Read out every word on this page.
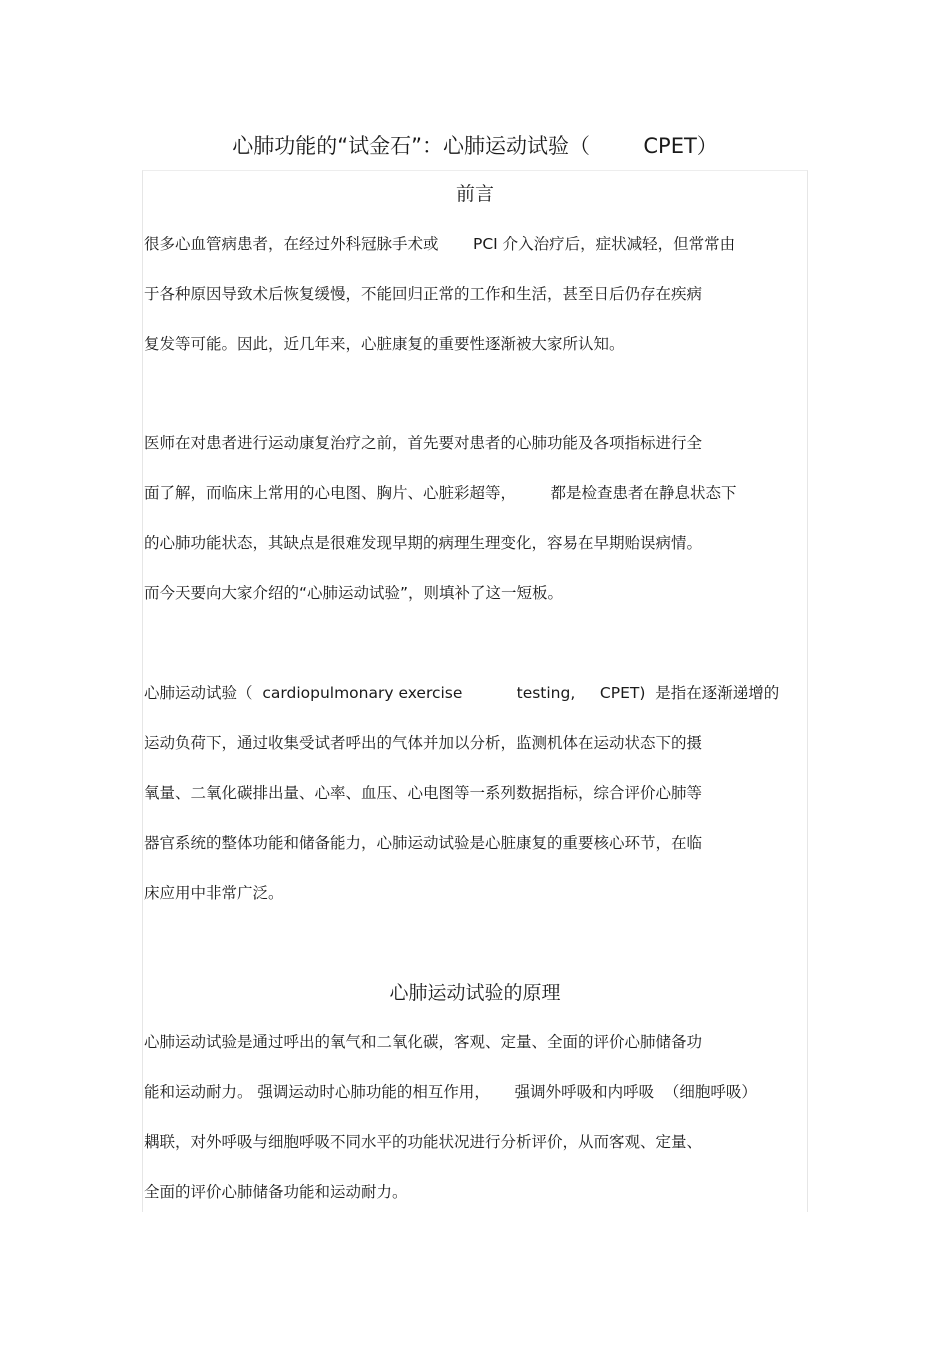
心肺功能的“试金石”：心肺运动试验（        CPET）
前言
很多心血管病患者，在经过外科冠脉手术或       PCI 介入治疗后，症状减轻，但常常由
于各种原因导致术后恢复缓慢，不能回归正常的工作和生活，甚至日后仍存在疾病
复发等可能。因此，近几年来，心脏康复的重要性逐渐被大家所认知。
医师在对患者进行运动康复治疗之前，首先要对患者的心肺功能及各项指标进行全
面了解，而临床上常用的心电图、胸片、心脏彩超等，       都是检查患者在静息状态下
的心肺功能状态，其缺点是很难发现早期的病理生理变化，容易在早期贻误病情。
而今天要向大家介绍的“心肺运动试验”，则填补了这一短板。
心肺运动试验（  cardiopulmonary exercise           testing,     CPET)  是指在逐渐递增的
运动负荷下，通过收集受试者呼出的气体并加以分析，监测机体在运动状态下的摄
氧量、二氧化碳排出量、心率、血压、心电图等一系列数据指标，综合评价心肺等
器官系统的整体功能和储备能力，心肺运动试验是心脏康复的重要核心环节，在临
床应用中非常广泛。
心肺运动试验的原理
心肺运动试验是通过呼出的氧气和二氧化碳，客观、定量、全面的评价心肺储备功
能和运动耐力。 强调运动时心肺功能的相互作用，     强调外呼吸和内呼吸  （细胞呼吸）
耦联，对外呼吸与细胞呼吸不同水平的功能状况进行分析评价，从而客观、定量、
全面的评价心肺储备功能和运动耐力。
